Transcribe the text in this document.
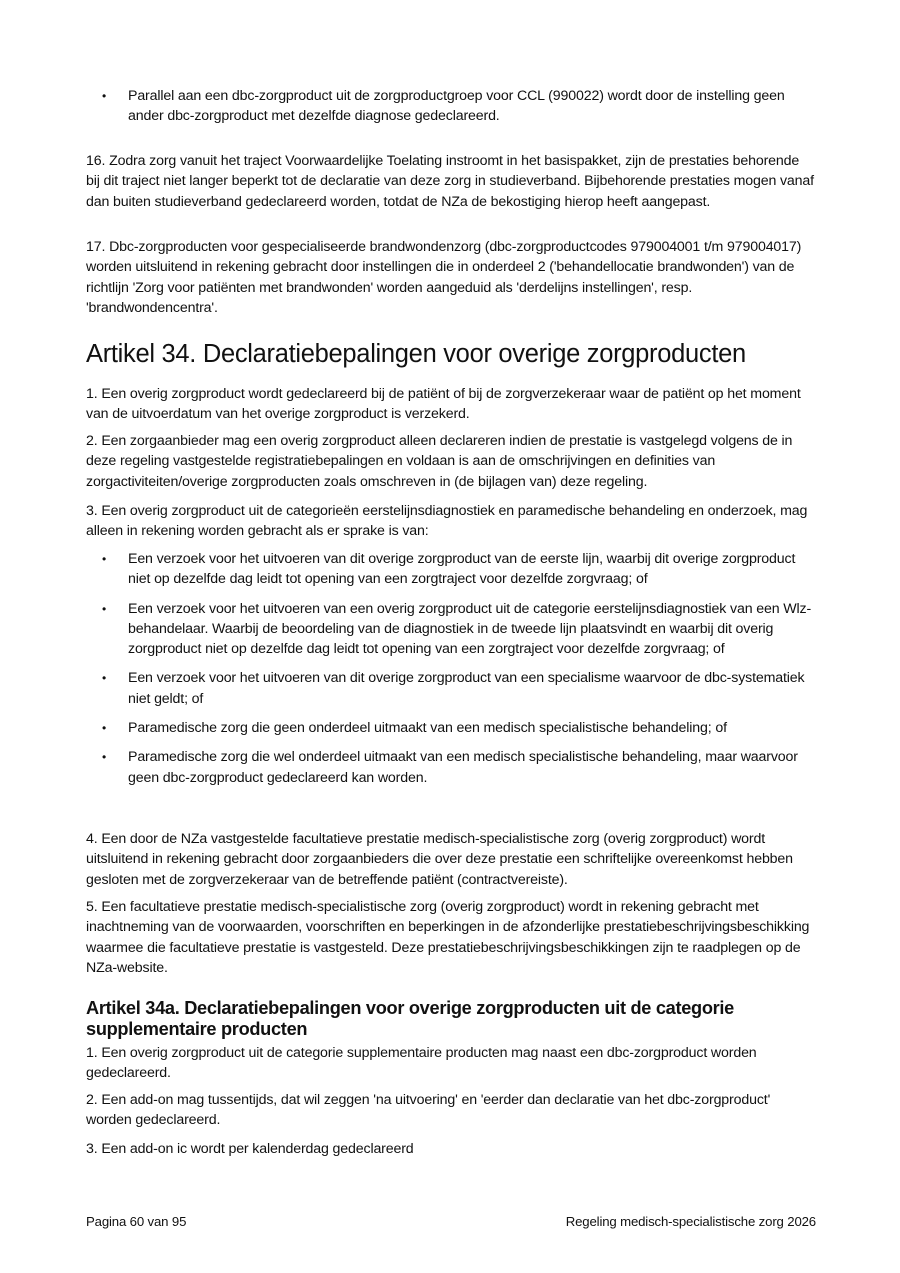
• Parallel aan een dbc-zorgproduct uit de zorgproductgroep voor CCL (990022) wordt door de instelling geen ander dbc-zorgproduct met dezelfde diagnose gedeclareerd.

16. Zodra zorg vanuit het traject Voorwaardelijke Toelating instroomt in het basispakket, zijn de prestaties behorende bij dit traject niet langer beperkt tot de declaratie van deze zorg in studieverband. Bijbehorende prestaties mogen vanaf dan buiten studieverband gedeclareerd worden, totdat de NZa de bekostiging hierop heeft aangepast.

17. Dbc-zorgproducten voor gespecialiseerde brandwondenzorg (dbc-zorgproductcodes 979004001 t/m 979004017) worden uitsluitend in rekening gebracht door instellingen die in onderdeel 2 ('behandellocatie brandwonden') van de richtlijn 'Zorg voor patiënten met brandwonden' worden aangeduid als 'derdelijns instellingen', resp. 'brandwondencentra'.

Artikel 34. Declaratiebepalingen voor overige zorgproducten

1. Een overig zorgproduct wordt gedeclareerd bij de patiënt of bij de zorgverzekeraar waar de patiënt op het moment van de uitvoerdatum van het overige zorgproduct is verzekerd.

2. Een zorgaanbieder mag een overig zorgproduct alleen declareren indien de prestatie is vastgelegd volgens de in deze regeling vastgestelde registratiebepalingen en voldaan is aan de omschrijvingen en definities van zorgactiviteiten/overige zorgproducten zoals omschreven in (de bijlagen van) deze regeling.

3. Een overig zorgproduct uit de categorieën eerstelijnsdiagnostiek en paramedische behandeling en onderzoek, mag alleen in rekening worden gebracht als er sprake is van:

• Een verzoek voor het uitvoeren van dit overige zorgproduct van de eerste lijn, waarbij dit overige zorgproduct niet op dezelfde dag leidt tot opening van een zorgtraject voor dezelfde zorgvraag; of
• Een verzoek voor het uitvoeren van een overig zorgproduct uit de categorie eerstelijnsdiagnostiek van een Wlz-behandelaar. Waarbij de beoordeling van de diagnostiek in de tweede lijn plaatsvindt en waarbij dit overig zorgproduct niet op dezelfde dag leidt tot opening van een zorgtraject voor dezelfde zorgvraag; of
• Een verzoek voor het uitvoeren van dit overige zorgproduct van een specialisme waarvoor de dbc-systematiek niet geldt; of
• Paramedische zorg die geen onderdeel uitmaakt van een medisch specialistische behandeling; of
• Paramedische zorg die wel onderdeel uitmaakt van een medisch specialistische behandeling, maar waarvoor geen dbc-zorgproduct gedeclareerd kan worden.

4. Een door de NZa vastgestelde facultatieve prestatie medisch-specialistische zorg (overig zorgproduct) wordt uitsluitend in rekening gebracht door zorgaanbieders die over deze prestatie een schriftelijke overeenkomst hebben gesloten met de zorgverzekeraar van de betreffende patiënt (contractvereiste).

5. Een facultatieve prestatie medisch-specialistische zorg (overig zorgproduct) wordt in rekening gebracht met inachtneming van de voorwaarden, voorschriften en beperkingen in de afzonderlijke prestatiebeschrijvingsbeschikking waarmee die facultatieve prestatie is vastgesteld. Deze prestatiebeschrijvingsbeschikkingen zijn te raadplegen op de NZa-website.

Artikel 34a. Declaratiebepalingen voor overige zorgproducten uit de categorie supplementaire producten

1. Een overig zorgproduct uit de categorie supplementaire producten mag naast een dbc-zorgproduct worden gedeclareerd.

2. Een add-on mag tussentijds, dat wil zeggen 'na uitvoering' en 'eerder dan declaratie van het dbc-zorgproduct' worden gedeclareerd.

3. Een add-on ic wordt per kalenderdag gedeclareerd

Pagina 60 van 95	Regeling medisch-specialistische zorg 2026
